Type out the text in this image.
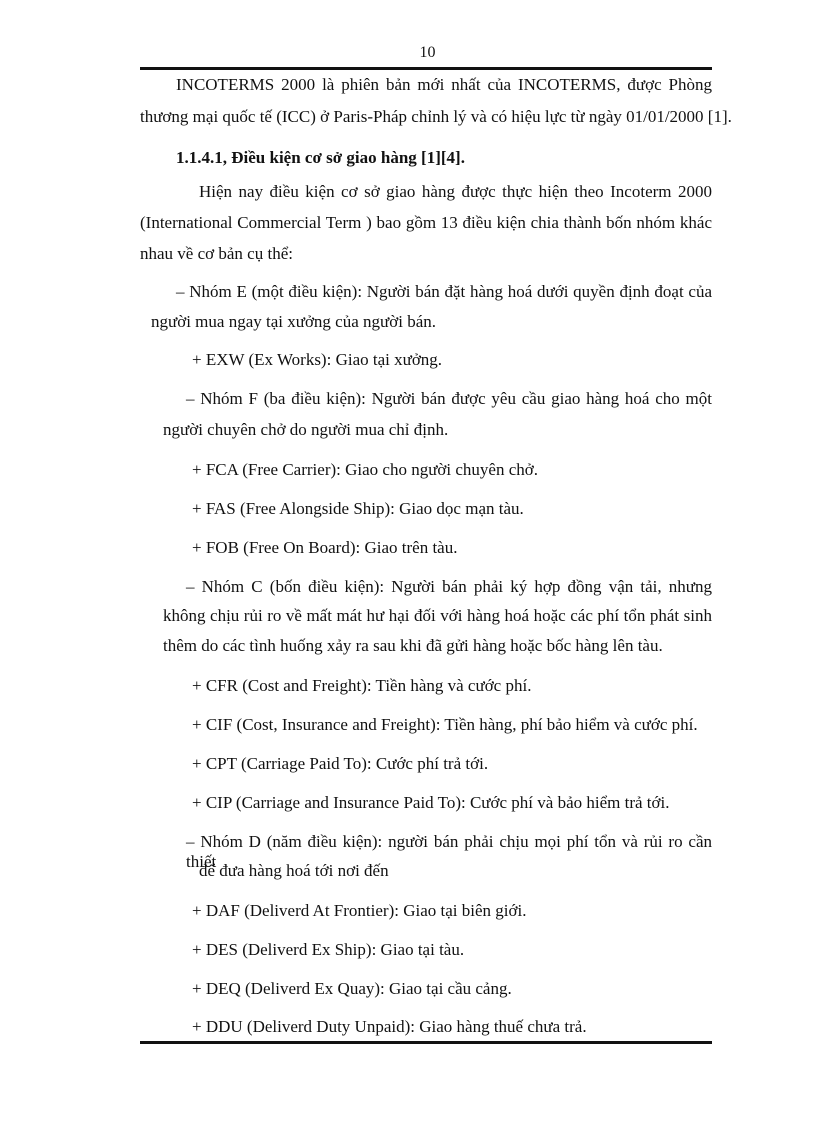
10
INCOTERMS 2000 là phiên bản mới nhất của INCOTERMS, được Phòng
thương mại quốc tế (ICC) ở Paris-Pháp chỉnh lý và có hiệu lực từ ngày 01/01/2000 [1].
1.1.4.1, Điều kiện cơ sở giao hàng [1][4].
Hiện nay điều kiện cơ sở giao hàng được thực hiện theo Incoterm 2000
(International Commercial Term ) bao gồm 13 điều kiện chia thành bốn nhóm khác
nhau về cơ bản cụ thể:
– Nhóm E (một điều kiện): Người bán đặt hàng hoá dưới quyền định đoạt của
người mua ngay tại xưởng của người bán.
+ EXW (Ex Works): Giao tại xưởng.
– Nhóm F (ba điều kiện): Người bán được yêu cầu giao hàng hoá cho một
người chuyên chở do người mua chỉ định.
+ FCA (Free Carrier): Giao cho người chuyên chở.
+ FAS (Free Alongside Ship): Giao dọc mạn tàu.
+ FOB (Free On Board): Giao trên tàu.
– Nhóm C (bốn điều kiện): Người bán phải ký hợp đồng vận tải, nhưng
không chịu rủi ro về mất mát hư hại đối với hàng hoá hoặc các phí tổn phát sinh
thêm do các tình huống xảy ra sau khi đã gửi hàng hoặc bốc hàng lên tàu.
+ CFR (Cost and Freight): Tiền hàng và cước phí.
+ CIF (Cost, Insurance and Freight): Tiền hàng, phí bảo hiểm và cước phí.
+ CPT (Carriage Paid To): Cước phí trả tới.
+ CIP (Carriage and Insurance Paid To): Cước phí và bảo hiểm trả tới.
– Nhóm D (năm điều kiện): người bán phải chịu mọi phí tổn và rủi ro cần thiết
để đưa hàng hoá tới nơi đến
+ DAF (Deliverd At Frontier): Giao tại biên giới.
+ DES (Deliverd Ex Ship): Giao tại tàu.
+ DEQ (Deliverd Ex Quay): Giao tại cầu cảng.
+ DDU (Deliverd Duty Unpaid): Giao hàng thuế chưa trả.
